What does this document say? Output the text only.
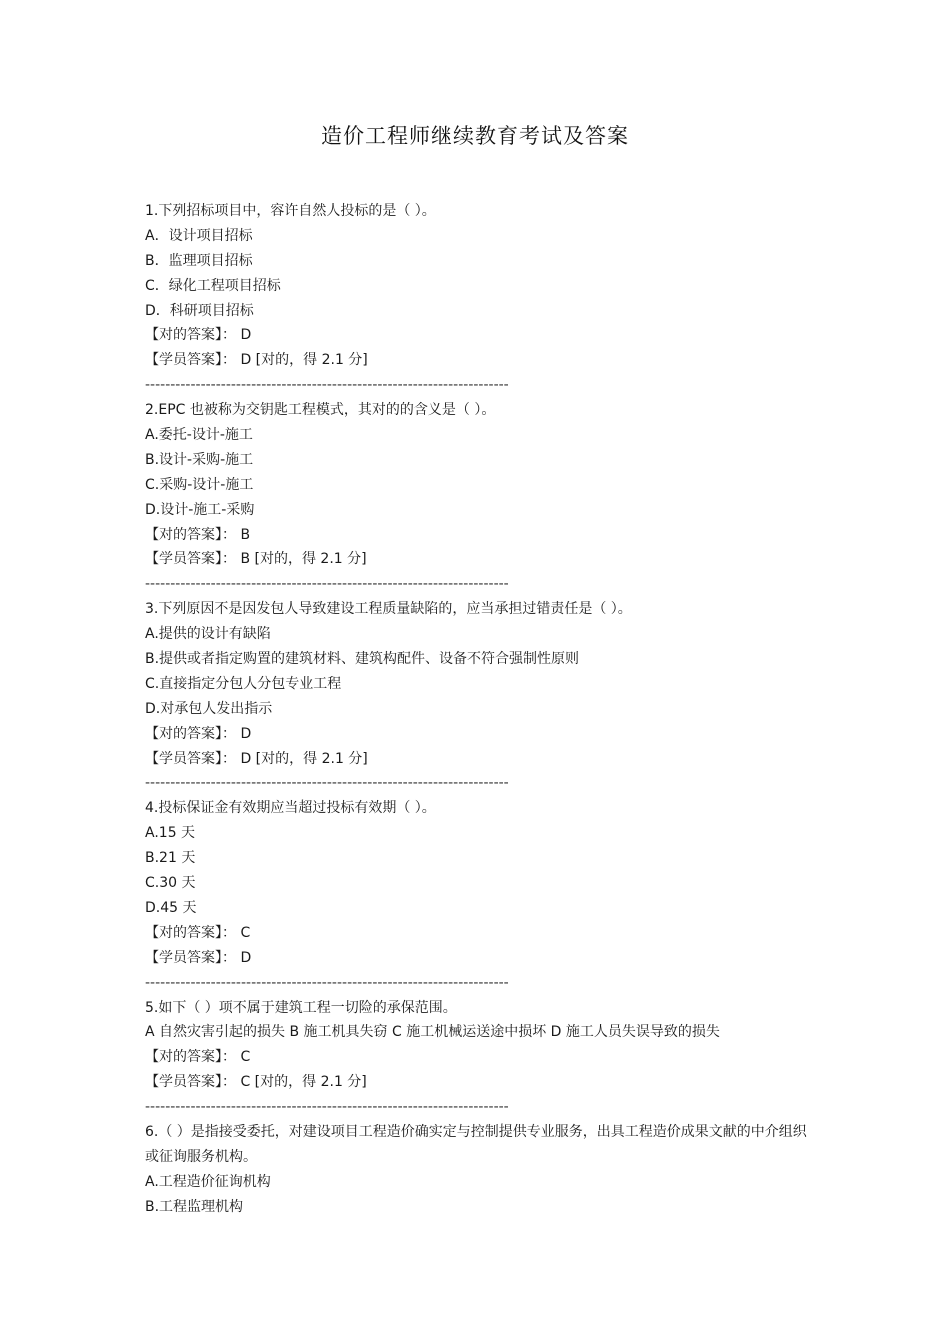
造价工程师继续教育考试及答案
1.下列招标项目中，容许自然人投标的是（ ）。
A．设计项目招标
B．监理项目招标
C．绿化工程项目招标
D．科研项目招标
【对的答案】： D
【学员答案】： D [对的，得 2.1 分]
------------------------------------------------------------------------
2.EPC 也被称为交钥匙工程模式，其对的的含义是（ ）。
A.委托-设计-施工
B.设计-采购-施工
C.采购-设计-施工
D.设计-施工-采购
【对的答案】： B
【学员答案】： B [对的，得 2.1 分]
------------------------------------------------------------------------
3.下列原因不是因发包人导致建设工程质量缺陷的，应当承担过错责任是（ ）。
A.提供的设计有缺陷
B.提供或者指定购置的建筑材料、建筑构配件、设备不符合强制性原则
C.直接指定分包人分包专业工程
D.对承包人发出指示
【对的答案】： D
【学员答案】： D [对的，得 2.1 分]
------------------------------------------------------------------------
4.投标保证金有效期应当超过投标有效期（ ）。
A.15 天
B.21 天
C.30 天
D.45 天
【对的答案】： C
【学员答案】： D
------------------------------------------------------------------------
5.如下（ ）项不属于建筑工程一切险的承保范围。
A 自然灾害引起的损失 B 施工机具失窃 C 施工机械运送途中损坏 D 施工人员失误导致的损失
【对的答案】： C
【学员答案】： C [对的，得 2.1 分]
------------------------------------------------------------------------
6.（ ）是指接受委托，对建设项目工程造价确实定与控制提供专业服务，出具工程造价成果文献的中介组织或征询服务机构。
A.工程造价征询机构
B.工程监理机构
